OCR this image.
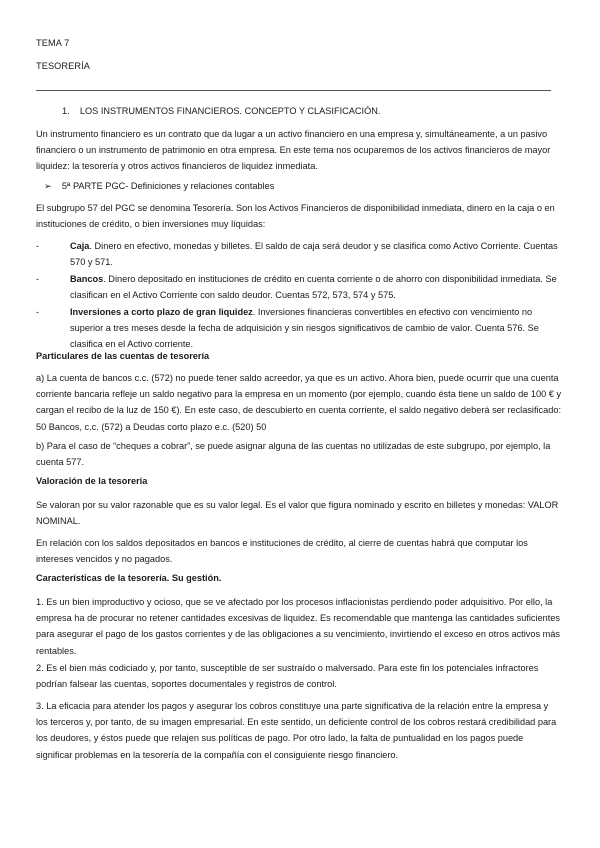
TEMA 7
TESORERÍA
1. LOS INSTRUMENTOS FINANCIEROS. CONCEPTO Y CLASIFICACIÓN.

Un instrumento financiero es un contrato que da lugar a un activo financiero en una empresa y, simultáneamente, a un pasivo financiero o un instrumento de patrimonio en otra empresa. En este tema nos ocuparemos de los activos financieros de mayor liquidez: la tesorería y otros activos financieros de liquidez inmediata.

➢ 5ª PARTE PGC- Definiciones y relaciones contables

El subgrupo 57 del PGC se denomina Tesorería. Son los Activos Financieros de disponibilidad inmediata, dinero en la caja o en instituciones de crédito, o bien inversiones muy líquidas:

-	Caja. Dinero en efectivo, monedas y billetes. El saldo de caja será deudor y se clasifica como Activo Corriente. Cuentas 570 y 571.
-	Bancos. Dinero depositado en instituciones de crédito en cuenta corriente o de ahorro con disponibilidad inmediata. Se clasifican en el Activo Corriente con saldo deudor. Cuentas 572, 573, 574 y 575.
-	Inversiones a corto plazo de gran liquidez. Inversiones financieras convertibles en efectivo con vencimiento no superior a tres meses desde la fecha de adquisición y sin riesgos significativos de cambio de valor. Cuenta 576. Se clasifica en el Activo corriente.
Particulares de las cuentas de tesorería

a) La cuenta de bancos c.c. (572) no puede tener saldo acreedor, ya que es un activo. Ahora bien, puede ocurrir que una cuenta corriente bancaria refleje un saldo negativo para la empresa en un momento (por ejemplo, cuando ésta tiene un saldo de 100 € y cargan el recibo de la luz de 150 €). En este caso, de descubierto en cuenta corriente, el saldo negativo deberá ser reclasificado: 50 Bancos, c.c. (572) a Deudas corto plazo e.c. (520) 50

b) Para el caso de “cheques a cobrar”, se puede asignar alguna de las cuentas no utilizadas de este subgrupo, por ejemplo, la cuenta 577.

Valoración de la tesorería

Se valoran por su valor razonable que es su valor legal. Es el valor que figura nominado y escrito en billetes y monedas: VALOR NOMINAL.

En relación con los saldos depositados en bancos e instituciones de crédito, al cierre de cuentas habrá que computar los intereses vencidos y no pagados.

Características de la tesorería. Su gestión.

1. Es un bien improductivo y ocioso, que se ve afectado por los procesos inflacionistas perdiendo poder adquisitivo. Por ello, la empresa ha de procurar no retener cantidades excesivas de liquidez. Es recomendable que mantenga las cantidades suficientes para asegurar el pago de los gastos corrientes y de las obligaciones a su vencimiento, invirtiendo el exceso en otros activos más rentables.

2. Es el bien más codiciado y, por tanto, susceptible de ser sustraído o malversado. Para este fin los potenciales infractores podrían falsear las cuentas, soportes documentales y registros de control.

3. La eficacia para atender los pagos y asegurar los cobros constituye una parte significativa de la relación entre la empresa y los terceros y, por tanto, de su imagen empresarial. En este sentido, un deficiente control de los cobros restará credibilidad para los deudores, y éstos puede que relajen sus políticas de pago. Por otro lado, la falta de puntualidad en los pagos puede significar problemas en la tesorería de la compañía con el consiguiente riesgo financiero.
